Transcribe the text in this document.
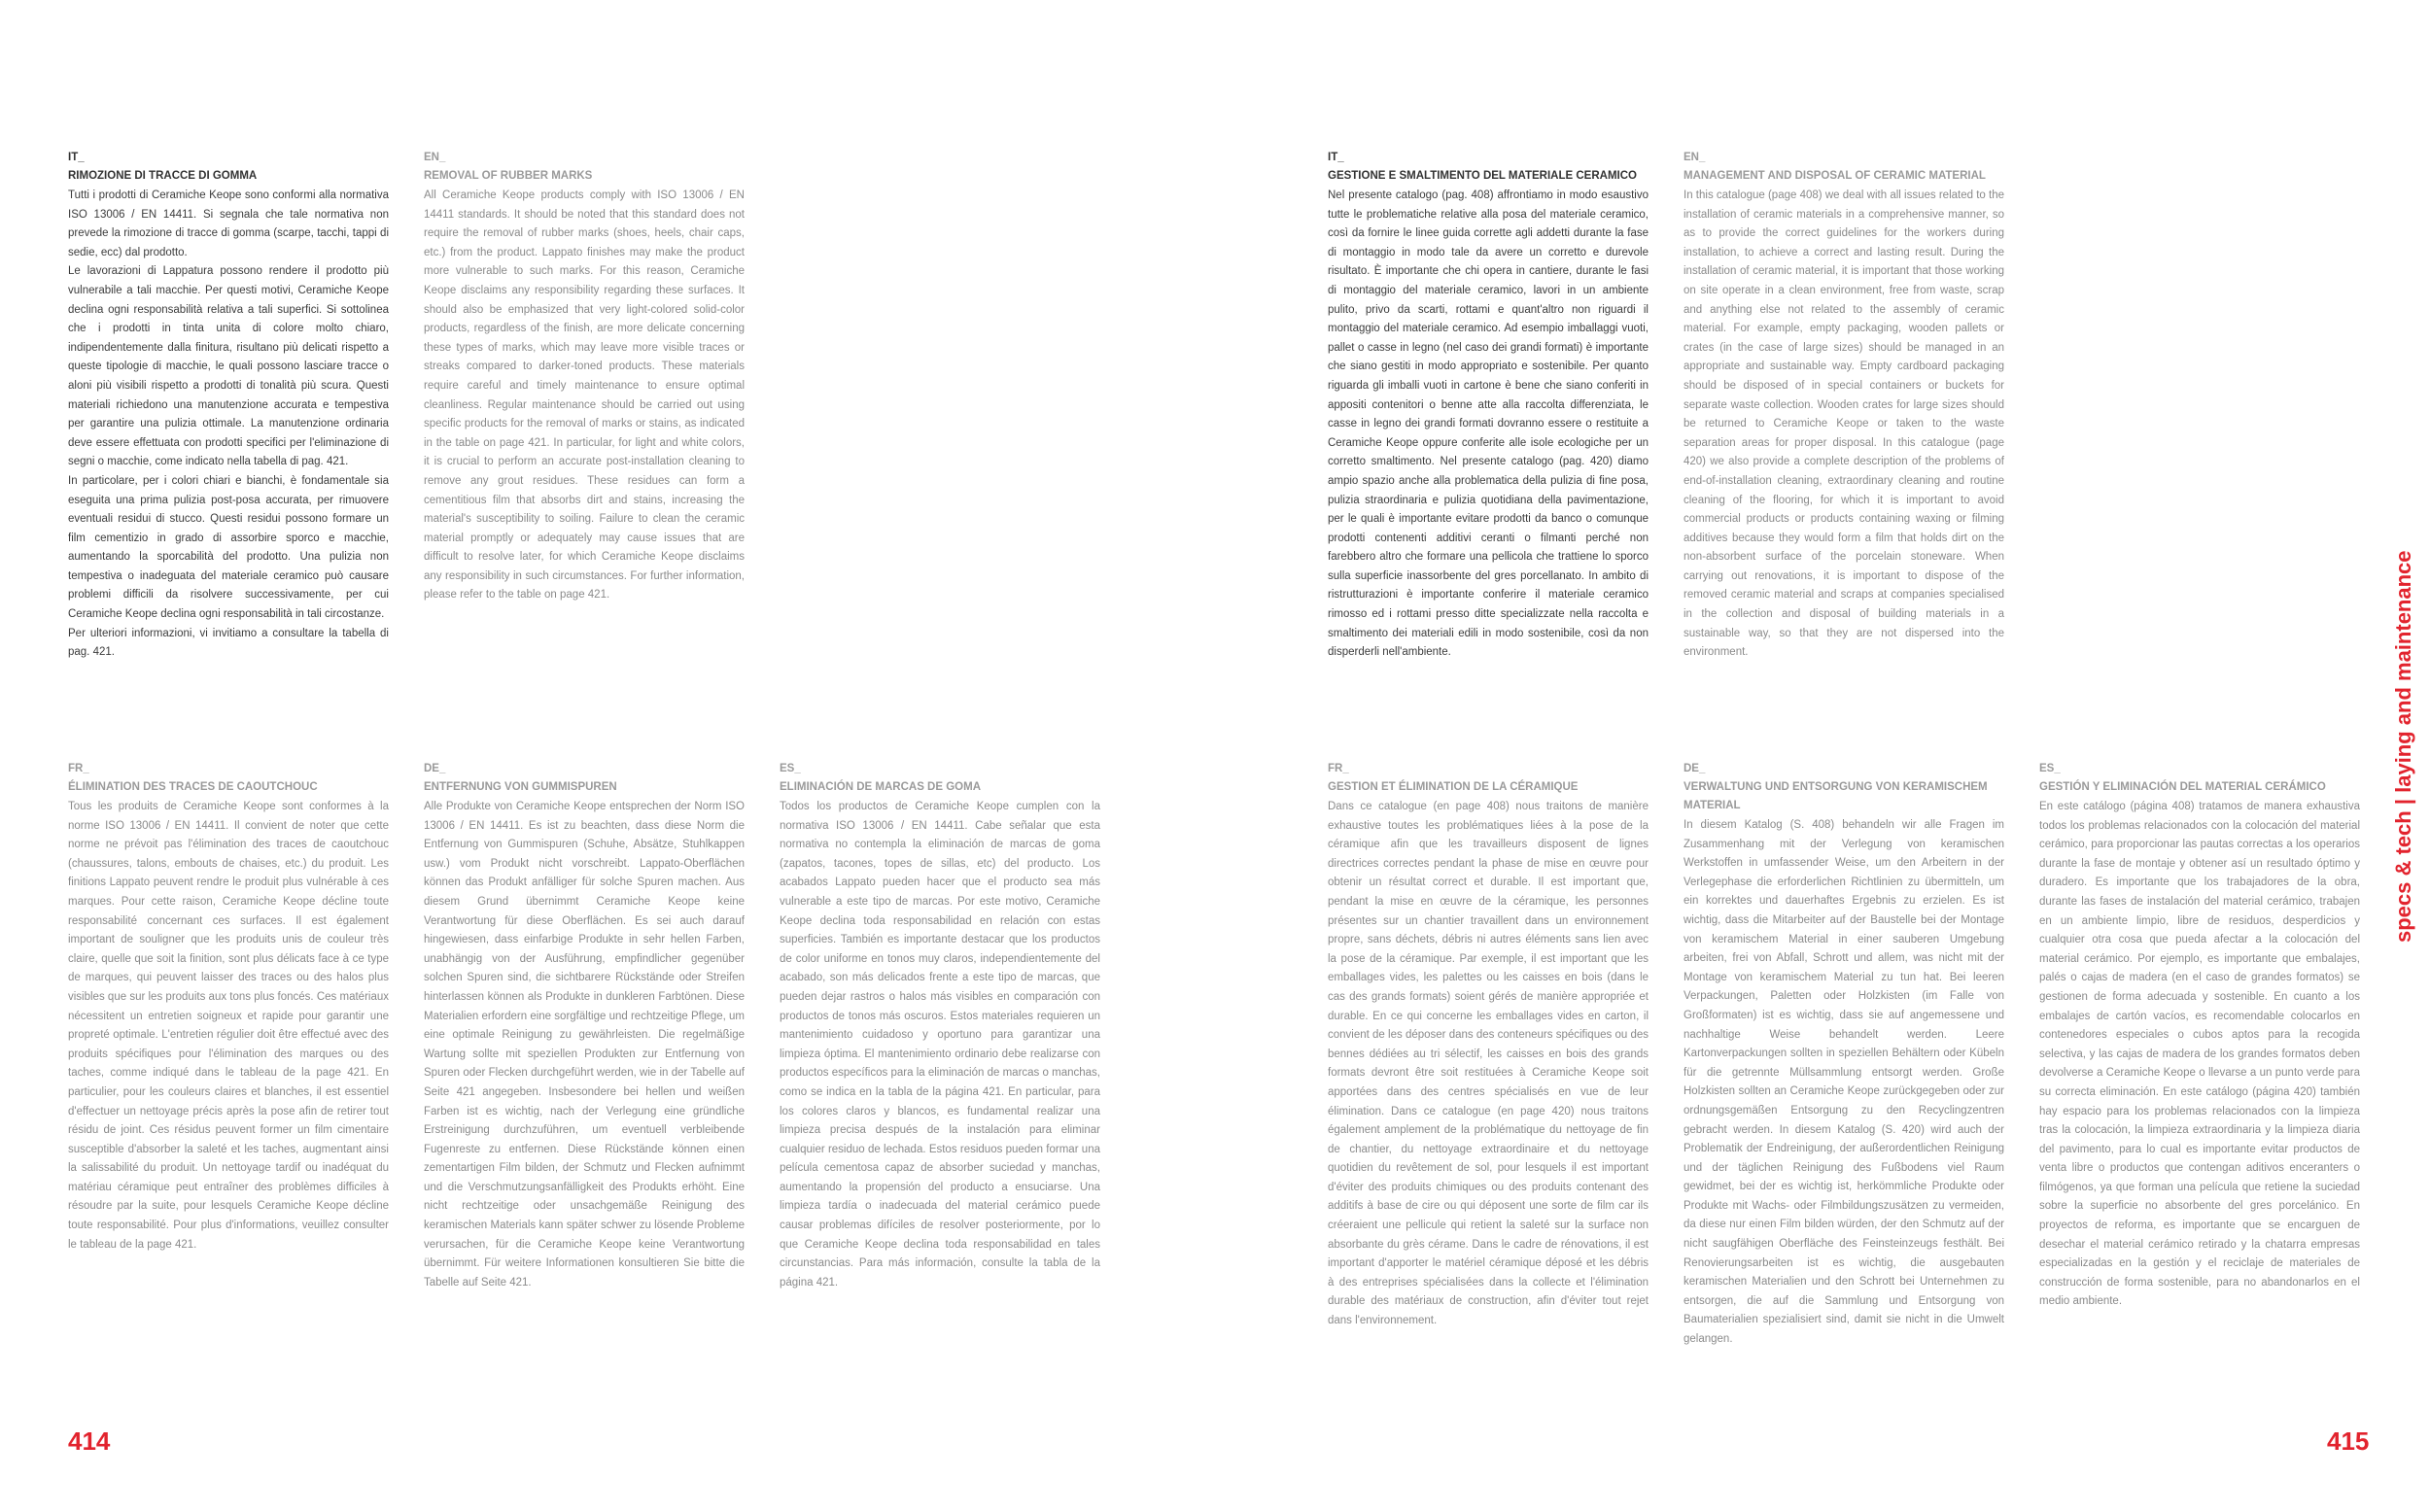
IT_
RIMOZIONE DI TRACCE DI GOMMA

Tutti i prodotti di Ceramiche Keope sono conformi alla normativa ISO 13006 / EN 14411. Si segnala che tale normativa non prevede la rimozione di tracce di gomma (scarpe, tacchi, tappi di sedie, ecc) dal prodotto.

Le lavorazioni di Lappatura possono rendere il prodotto più vulnerabile a tali macchie. Per questi motivi, Ceramiche Keope declina ogni responsabilità relativa a tali superfici. Si sottolinea che i prodotti in tinta unita di colore molto chiaro, indipendentemente dalla finitura, risultano più delicati rispetto a queste tipologie di macchie, le quali possono lasciare tracce o aloni più visibili rispetto a prodotti di tonalità più scura. Questi materiali richiedono una manutenzione accurata e tempestiva per garantire una pulizia ottimale. La manutenzione ordinaria deve essere effettuata con prodotti specifici per l'eliminazione di segni o macchie, come indicato nella tabella di pag. 421.

In particolare, per i colori chiari e bianchi, è fondamentale sia eseguita una prima pulizia post-posa accurata, per rimuovere eventuali residui di stucco. Questi residui possono formare un film cementizio in grado di assorbire sporco e macchie, aumentando la sporcabilità del prodotto. Una pulizia non tempestiva o inadeguata del materiale ceramico può causare problemi difficili da risolvere successivamente, per cui Ceramiche Keope declina ogni responsabilità in tali circostanze.

Per ulteriori informazioni, vi invitiamo a consultare la tabella di pag. 421.

EN_
REMOVAL OF RUBBER MARKS

All Ceramiche Keope products comply with ISO 13006 / EN 14411 standards. It should be noted that this standard does not require the removal of rubber marks (shoes, heels, chair caps, etc.) from the product. Lappato finishes may make the product more vulnerable to such marks. For this reason, Ceramiche Keope disclaims any responsibility regarding these surfaces. It should also be emphasized that very light-colored solid-color products, regardless of the finish, are more delicate concerning these types of marks, which may leave more visible traces or streaks compared to darker-toned products. These materials require careful and timely maintenance to ensure optimal cleanliness. Regular maintenance should be carried out using specific products for the removal of marks or stains, as indicated in the table on page 421. In particular, for light and white colors, it is crucial to perform an accurate post-installation cleaning to remove any grout residues. These residues can form a cementitious film that absorbs dirt and stains, increasing the material's susceptibility to soiling. Failure to clean the ceramic material promptly or adequately may cause issues that are difficult to resolve later, for which Ceramiche Keope disclaims any responsibility in such circumstances. For further information, please refer to the table on page 421.

FR_
ÉLIMINATION DES TRACES DE CAOUTCHOUC

Tous les produits de Ceramiche Keope sont conformes à la norme ISO 13006 / EN 14411. Il convient de noter que cette norme ne prévoit pas l'élimination des traces de caoutchouc (chaussures, talons, embouts de chaises, etc.) du produit. Les finitions Lappato peuvent rendre le produit plus vulnérable à ces marques. Pour cette raison, Ceramiche Keope décline toute responsabilité concernant ces surfaces. Il est également important de souligner que les produits unis de couleur très claire, quelle que soit la finition, sont plus délicats face à ce type de marques, qui peuvent laisser des traces ou des halos plus visibles que sur les produits aux tons plus foncés. Ces matériaux nécessitent un entretien soigneux et rapide pour garantir une propreté optimale. L'entretien régulier doit être effectué avec des produits spécifiques pour l'élimination des marques ou des taches, comme indiqué dans le tableau de la page 421. En particulier, pour les couleurs claires et blanches, il est essentiel d'effectuer un nettoyage précis après la pose afin de retirer tout résidu de joint. Ces résidus peuvent former un film cimentaire susceptible d'absorber la saleté et les taches, augmentant ainsi la salissabilité du produit. Un nettoyage tardif ou inadéquat du matériau céramique peut entraîner des problèmes difficiles à résoudre par la suite, pour lesquels Ceramiche Keope décline toute responsabilité. Pour plus d'informations, veuillez consulter le tableau de la page 421.

DE_
ENTFERNUNG VON GUMMISPUREN

Alle Produkte von Ceramiche Keope entsprechen der Norm ISO 13006 / EN 14411. Es ist zu beachten, dass diese Norm die Entfernung von Gummispuren (Schuhe, Absätze, Stuhlkappen usw.) vom Produkt nicht vorschreibt. Lappato-Oberflächen können das Produkt anfälliger für solche Spuren machen. Aus diesem Grund übernimmt Ceramiche Keope keine Verantwortung für diese Oberflächen. Es sei auch darauf hingewiesen, dass einfarbige Produkte in sehr hellen Farben, unabhängig von der Ausführung, empfindlicher gegenüber solchen Spuren sind, die sichtbarere Rückstände oder Streifen hinterlassen können als Produkte in dunkleren Farbtönen. Diese Materialien erfordern eine sorgfältige und rechtzeitige Pflege, um eine optimale Reinigung zu gewährleisten. Die regelmäßige Wartung sollte mit speziellen Produkten zur Entfernung von Spuren oder Flecken durchgeführt werden, wie in der Tabelle auf Seite 421 angegeben. Insbesondere bei hellen und weißen Farben ist es wichtig, nach der Verlegung eine gründliche Erstreinigung durchzuführen, um eventuell verbleibende Fugenreste zu entfernen. Diese Rückstände können einen zementartigen Film bilden, der Schmutz und Flecken aufnimmt und die Verschmutzungsanfälligkeit des Produkts erhöht. Eine nicht rechtzeitige oder unsachgemäße Reinigung des keramischen Materials kann später schwer zu lösende Probleme verursachen, für die Ceramiche Keope keine Verantwortung übernimmt. Für weitere Informationen konsultieren Sie bitte die Tabelle auf Seite 421.

ES_
ELIMINACIÓN DE MARCAS DE GOMA

Todos los productos de Ceramiche Keope cumplen con la normativa ISO 13006 / EN 14411. Cabe señalar que esta normativa no contempla la eliminación de marcas de goma (zapatos, tacones, topes de sillas, etc) del producto. Los acabados Lappato pueden hacer que el producto sea más vulnerable a este tipo de marcas. Por este motivo, Ceramiche Keope declina toda responsabilidad en relación con estas superficies. También es importante destacar que los productos de color uniforme en tonos muy claros, independientemente del acabado, son más delicados frente a este tipo de marcas, que pueden dejar rastros o halos más visibles en comparación con productos de tonos más oscuros. Estos materiales requieren un mantenimiento cuidadoso y oportuno para garantizar una limpieza óptima. El mantenimiento ordinario debe realizarse con productos específicos para la eliminación de marcas o manchas, como se indica en la tabla de la página 421. En particular, para los colores claros y blancos, es fundamental realizar una limpieza precisa después de la instalación para eliminar cualquier residuo de lechada. Estos residuos pueden formar una película cementosa capaz de absorber suciedad y manchas, aumentando la propensión del producto a ensuciarse. Una limpieza tardía o inadecuada del material cerámico puede causar problemas difíciles de resolver posteriormente, por lo que Ceramiche Keope declina toda responsabilidad en tales circunstancias. Para más información, consulte la tabla de la página 421.

IT_
GESTIONE E SMALTIMENTO DEL MATERIALE CERAMICO

Nel presente catalogo (pag. 408) affrontiamo in modo esaustivo tutte le problematiche relative alla posa del materiale ceramico, così da fornire le linee guida corrette agli addetti durante la fase di montaggio in modo tale da avere un corretto e durevole risultato. È importante che chi opera in cantiere, durante le fasi di montaggio del materiale ceramico, lavori in un ambiente pulito, privo da scarti, rottami e quant'altro non riguardi il montaggio del materiale ceramico. Ad esempio imballaggi vuoti, pallet o casse in legno (nel caso dei grandi formati) è importante che siano gestiti in modo appropriato e sostenibile. Per quanto riguarda gli imballi vuoti in cartone è bene che siano conferiti in appositi contenitori o benne atte alla raccolta differenziata, le casse in legno dei grandi formati dovranno essere o restituite a Ceramiche Keope oppure conferite alle isole ecologiche per un corretto smaltimento. Nel presente catalogo (pag. 420) diamo ampio spazio anche alla problematica della pulizia di fine posa, pulizia straordinaria e pulizia quotidiana della pavimentazione, per le quali è importante evitare prodotti da banco o comunque prodotti contenenti additivi ceranti o filmanti perché non farebbero altro che formare una pellicola che trattiene lo sporco sulla superficie inassorbente del gres porcellanato. In ambito di ristrutturazioni è importante conferire il materiale ceramico rimosso ed i rottami presso ditte specializzate nella raccolta e smaltimento dei materiali edili in modo sostenibile, così da non disperderli nell'ambiente.

EN_
MANAGEMENT AND DISPOSAL OF CERAMIC MATERIAL

In this catalogue (page 408) we deal with all issues related to the installation of ceramic materials in a comprehensive manner, so as to provide the correct guidelines for the workers during installation, to achieve a correct and lasting result. During the installation of ceramic material, it is important that those working on site operate in a clean environment, free from waste, scrap and anything else not related to the assembly of ceramic material. For example, empty packaging, wooden pallets or crates (in the case of large sizes) should be managed in an appropriate and sustainable way. Empty cardboard packaging should be disposed of in special containers or buckets for separate waste collection. Wooden crates for large sizes should be returned to Ceramiche Keope or taken to the waste separation areas for proper disposal. In this catalogue (page 420) we also provide a complete description of the problems of end-of-installation cleaning, extraordinary cleaning and routine cleaning of the flooring, for which it is important to avoid commercial products or products containing waxing or filming additives because they would form a film that holds dirt on the non-absorbent surface of the porcelain stoneware. When carrying out renovations, it is important to dispose of the removed ceramic material and scraps at companies specialised in the collection and disposal of building materials in a sustainable way, so that they are not dispersed into the environment.

FR_
GESTION ET ÉLIMINATION DE LA CÉRAMIQUE

Dans ce catalogue (en page 408) nous traitons de manière exhaustive toutes les problématiques liées à la pose de la céramique afin que les travailleurs disposent de lignes directrices correctes pendant la phase de mise en œuvre pour obtenir un résultat correct et durable. Il est important que, pendant la mise en œuvre de la céramique, les personnes présentes sur un chantier travaillent dans un environnement propre, sans déchets, débris ni autres éléments sans lien avec la pose de la céramique. Par exemple, il est important que les emballages vides, les palettes ou les caisses en bois (dans le cas des grands formats) soient gérés de manière appropriée et durable. En ce qui concerne les emballages vides en carton, il convient de les déposer dans des conteneurs spécifiques ou des bennes dédiées au tri sélectif, les caisses en bois des grands formats devront être soit restituées à Ceramiche Keope soit apportées dans des centres spécialisés en vue de leur élimination. Dans ce catalogue (en page 420) nous traitons également amplement de la problématique du nettoyage de fin de chantier, du nettoyage extraordinaire et du nettoyage quotidien du revêtement de sol, pour lesquels il est important d'éviter des produits chimiques ou des produits contenant des additifs à base de cire ou qui déposent une sorte de film car ils créeraient une pellicule qui retient la saleté sur la surface non absorbante du grès cérame. Dans le cadre de rénovations, il est important d'apporter le matériel céramique déposé et les débris à des entreprises spécialisées dans la collecte et l'élimination durable des matériaux de construction, afin d'éviter tout rejet dans l'environnement.

DE_
VERWALTUNG UND ENTSORGUNG VON KERAMISCHEM MATERIAL

In diesem Katalog (S. 408) behandeln wir alle Fragen im Zusammenhang mit der Verlegung von keramischen Werkstoffen in umfassender Weise, um den Arbeitern in der Verlegephase die erforderlichen Richtlinien zu übermitteln, um ein korrektes und dauerhaftes Ergebnis zu erzielen. Es ist wichtig, dass die Mitarbeiter auf der Baustelle bei der Montage von keramischem Material in einer sauberen Umgebung arbeiten, frei von Abfall, Schrott und allem, was nicht mit der Montage von keramischem Material zu tun hat. Bei leeren Verpackungen, Paletten oder Holzkisten (im Falle von Großformaten) ist es wichtig, dass sie auf angemessene und nachhaltige Weise behandelt werden. Leere Kartonverpackungen sollten in speziellen Behältern oder Kübeln für die getrennte Müllsammlung entsorgt werden. Große Holzkisten sollten an Ceramiche Keope zurückgegeben oder zur ordnungsgemäßen Entsorgung zu den Recyclingzentren gebracht werden. In diesem Katalog (S. 420) wird auch der Problematik der Endreinigung, der außerordentlichen Reinigung und der täglichen Reinigung des Fußbodens viel Raum gewidmet, bei der es wichtig ist, herkömmliche Produkte oder Produkte mit Wachs- oder Filmbildungszusätzen zu vermeiden, da diese nur einen Film bilden würden, der den Schmutz auf der nicht saugfähigen Oberfläche des Feinsteinzeugs festhält. Bei Renovierungsarbeiten ist es wichtig, die ausgebauten keramischen Materialien und den Schrott bei Unternehmen zu entsorgen, die auf die Sammlung und Entsorgung von Baumaterialien spezialisiert sind, damit sie nicht in die Umwelt gelangen.

ES_
GESTIÓN Y ELIMINACIÓN DEL MATERIAL CERÁMICO

En este catálogo (página 408) tratamos de manera exhaustiva todos los problemas relacionados con la colocación del material cerámico, para proporcionar las pautas correctas a los operarios durante la fase de montaje y obtener así un resultado óptimo y duradero. Es importante que los trabajadores de la obra, durante las fases de instalación del material cerámico, trabajen en un ambiente limpio, libre de residuos, desperdicios y cualquier otra cosa que pueda afectar a la colocación del material cerámico. Por ejemplo, es importante que embalajes, palés o cajas de madera (en el caso de grandes formatos) se gestionen de forma adecuada y sostenible. En cuanto a los embalajes de cartón vacíos, es recomendable colocarlos en contenedores especiales o cubos aptos para la recogida selectiva, y las cajas de madera de los grandes formatos deben devolverse a Ceramiche Keope o llevarse a un punto verde para su correcta eliminación. En este catálogo (página 420) también hay espacio para los problemas relacionados con la limpieza tras la colocación, la limpieza extraordinaria y la limpieza diaria del pavimento, para lo cual es importante evitar productos de venta libre o productos que contengan aditivos enceranters o filmógenos, ya que forman una película que retiene la suciedad sobre la superficie no absorbente del gres porcelánico. En proyectos de reforma, es importante que se encarguen de desechar el material cerámico retirado y la chatarra empresas especializadas en la gestión y el reciclaje de materiales de construcción de forma sostenible, para no abandonarlos en el medio ambiente.

414	415
specs & tech | laying and maintenance
